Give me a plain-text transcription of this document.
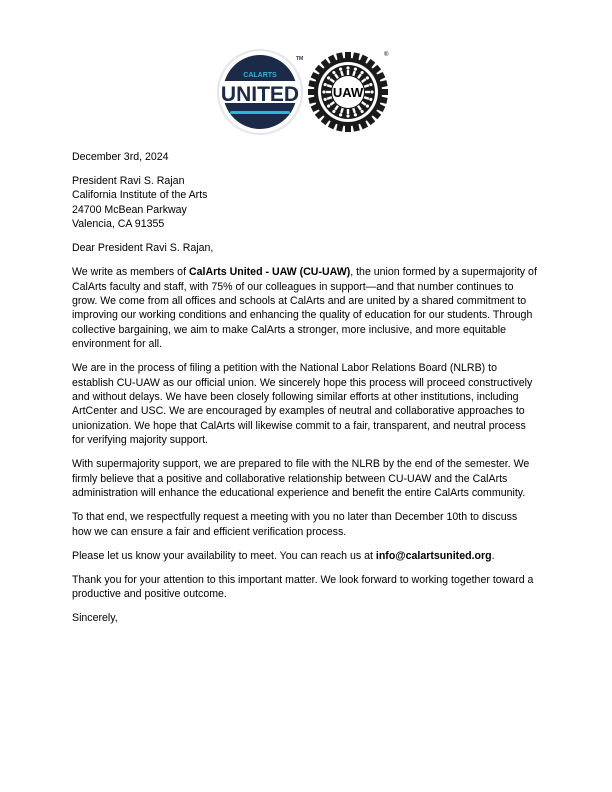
CALARTS
UNITED
TM
UAW
®

December 3rd, 2024

President Ravi S. Rajan
California Institute of the Arts
24700 McBean Parkway
Valencia, CA 91355

Dear President Ravi S. Rajan,

We write as members of CalArts United - UAW (CU-UAW), the union formed by a supermajority of CalArts faculty and staff, with 75% of our colleagues in support—and that number continues to grow. We come from all offices and schools at CalArts and are united by a shared commitment to improving our working conditions and enhancing the quality of education for our students. Through collective bargaining, we aim to make CalArts a stronger, more inclusive, and more equitable environment for all.

We are in the process of filing a petition with the National Labor Relations Board (NLRB) to establish CU-UAW as our official union. We sincerely hope this process will proceed constructively and without delays. We have been closely following similar efforts at other institutions, including ArtCenter and USC. We are encouraged by examples of neutral and collaborative approaches to unionization. We hope that CalArts will likewise commit to a fair, transparent, and neutral process for verifying majority support.

With supermajority support, we are prepared to file with the NLRB by the end of the semester. We firmly believe that a positive and collaborative relationship between CU-UAW and the CalArts administration will enhance the educational experience and benefit the entire CalArts community.

To that end, we respectfully request a meeting with you no later than December 10th to discuss how we can ensure a fair and efficient verification process.

Please let us know your availability to meet. You can reach us at info@calartsunited.org.

Thank you for your attention to this important matter. We look forward to working together toward a productive and positive outcome.

Sincerely,
